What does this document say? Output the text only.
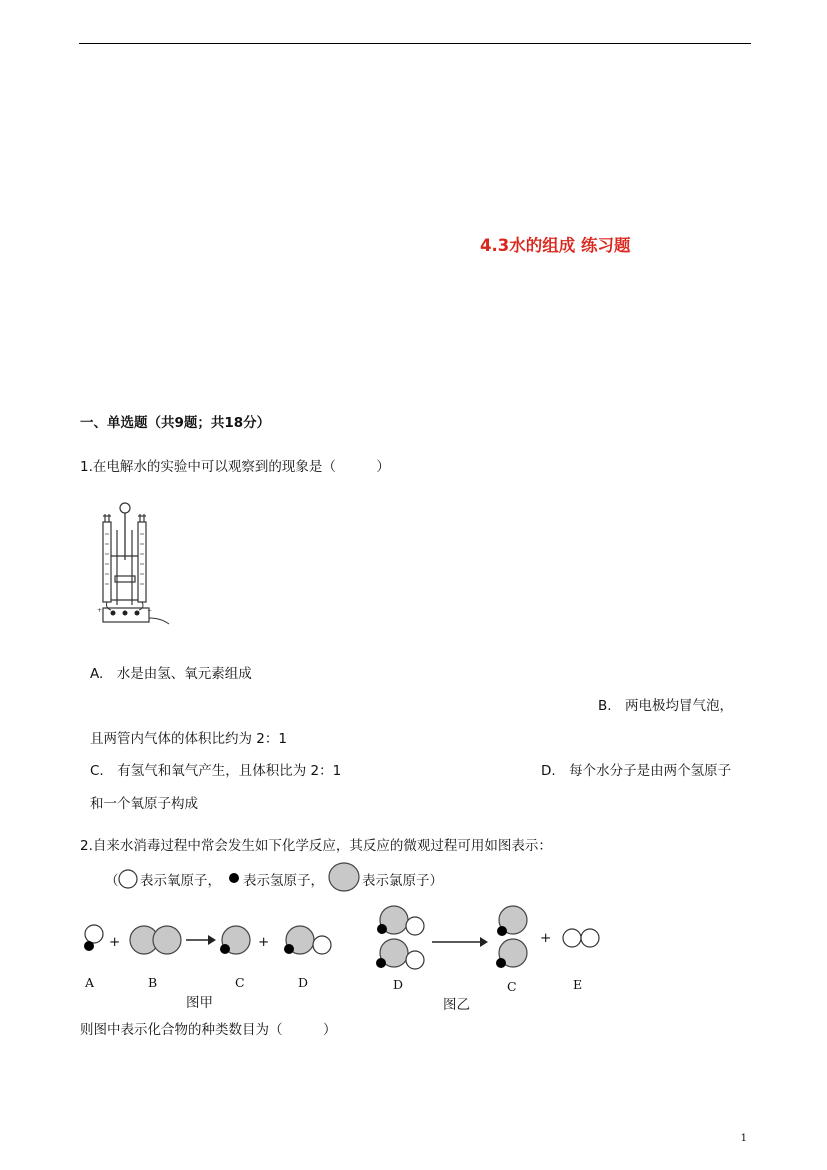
4.3水的组成 练习题
一、单选题（共9题；共18分）
1.在电解水的实验中可以观察到的现象是（　　　）
+	−
A.　水是由氢、氧元素组成
B.　两电极均冒气泡，
且两管内气体的体积比约为 2：1
C.　有氢气和氧气产生，且体积比为 2：1	D.　每个水分子是由两个氢原子
和一个氧原子构成
2.自来水消毒过程中常会发生如下化学反应，其反应的微观过程可用如图表示：
（ 表示氧原子， 表示氢原子，	表示氯原子）
+	+
A	B	C	D
图甲
+
D	C	E
图乙
则图中表示化合物的种类数目为（　　　）
1
